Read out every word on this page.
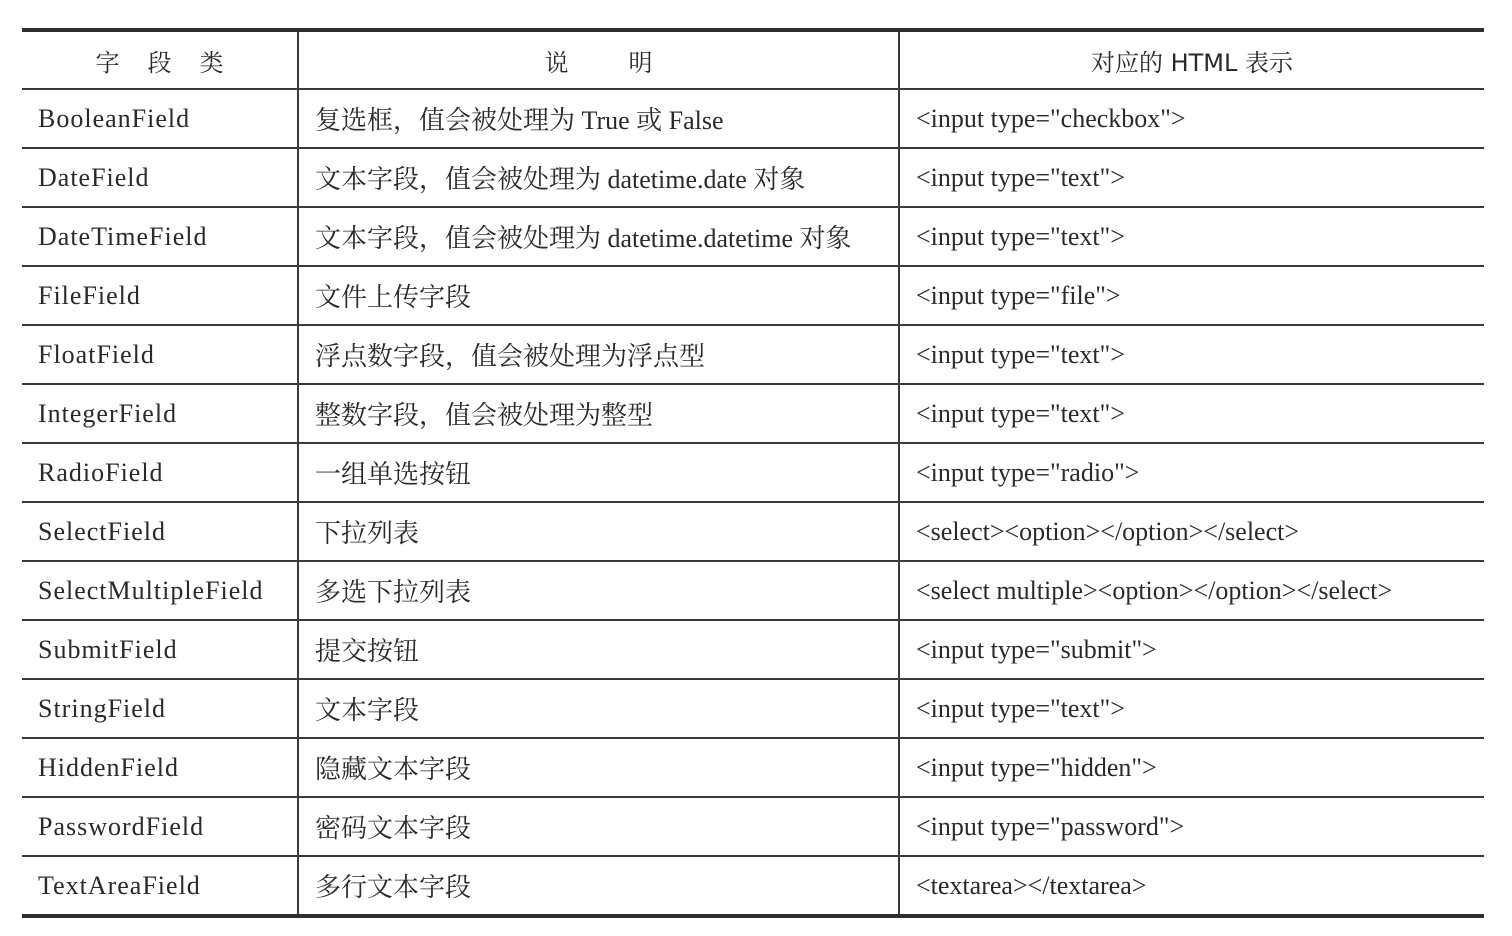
字段类	说明	对应的 HTML 表示
BooleanField	复选框，值会被处理为 True 或 False	<input type="checkbox">
DateField	文本字段，值会被处理为 datetime.date 对象	<input type="text">
DateTimeField	文本字段，值会被处理为 datetime.datetime 对象	<input type="text">
FileField	文件上传字段	<input type="file">
FloatField	浮点数字段，值会被处理为浮点型	<input type="text">
IntegerField	整数字段，值会被处理为整型	<input type="text">
RadioField	一组单选按钮	<input type="radio">
SelectField	下拉列表	<select><option></option></select>
SelectMultipleField	多选下拉列表	<select multiple><option></option></select>
SubmitField	提交按钮	<input type="submit">
StringField	文本字段	<input type="text">
HiddenField	隐藏文本字段	<input type="hidden">
PasswordField	密码文本字段	<input type="password">
TextAreaField	多行文本字段	<textarea></textarea>
